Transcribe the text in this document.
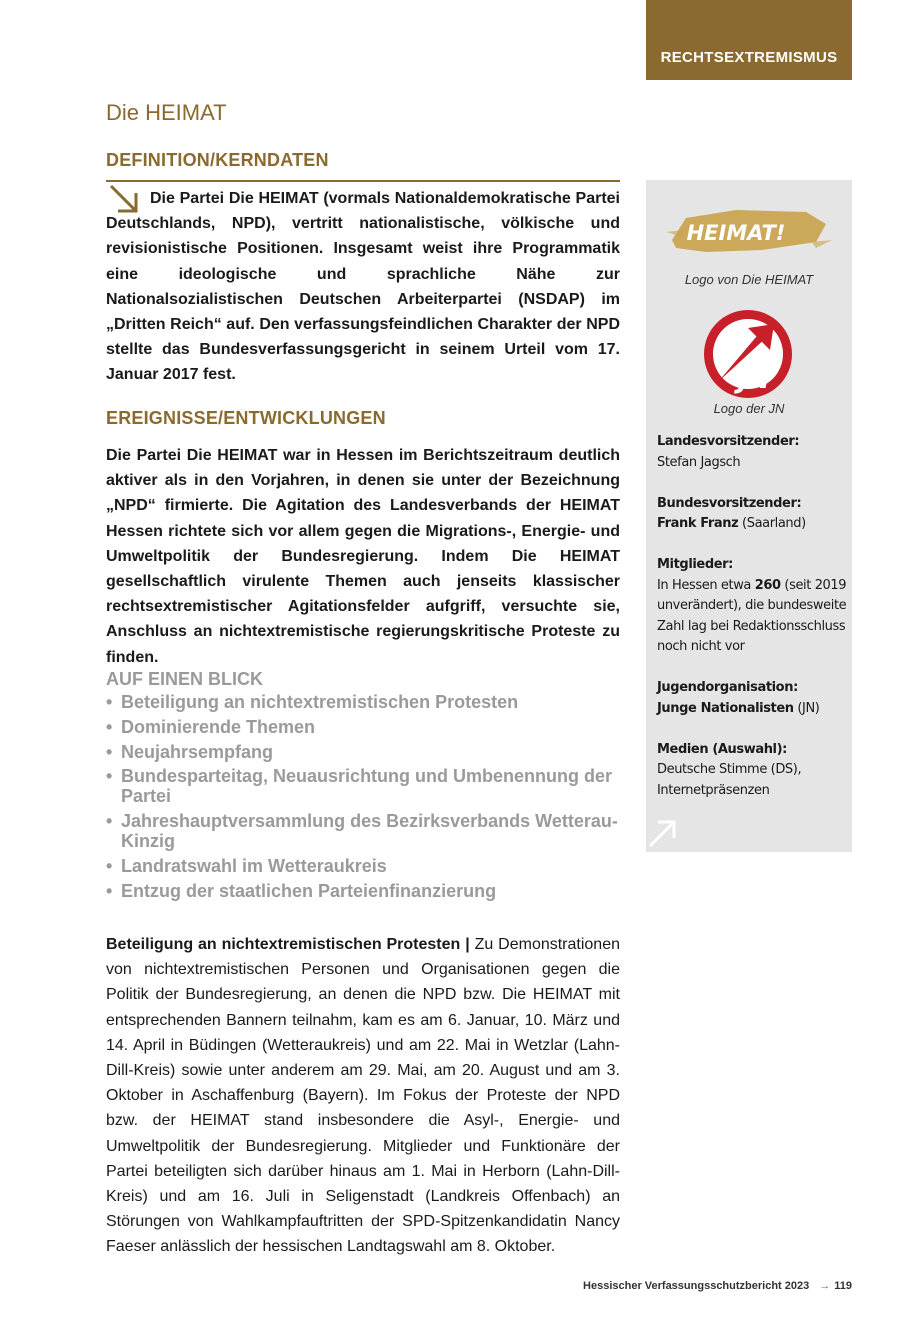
RECHTSEXTREMISMUS
Die HEIMAT
DEFINITION/KERNDATEN

Die Partei Die HEIMAT (vormals Nationaldemokratische Partei Deutschlands, NPD), vertritt nationalistische, völkische und revisionistische Positionen. Insgesamt weist ihre Programmatik eine ideologische und sprachliche Nähe zur Nationalsozialistischen Deutschen Arbeiterpartei (NSDAP) im „Dritten Reich“ auf. Den verfassungsfeindlichen Charakter der NPD stellte das Bundesverfassungsgericht in seinem Urteil vom 17. Januar 2017 fest.

EREIGNISSE/ENTWICKLUNGEN

Die Partei Die HEIMAT war in Hessen im Berichtszeitraum deutlich aktiver als in den Vorjahren, in denen sie unter der Bezeichnung „NPD“ firmierte. Die Agitation des Landesverbands der HEIMAT Hessen richtete sich vor allem gegen die Migrations-, Energie- und Umweltpolitik der Bundesregierung. Indem Die HEIMAT gesellschaftlich virulente Themen auch jenseits klassischer rechtsextremistischer Agitationsfelder aufgriff, versuchte sie, Anschluss an nichtextremistische regierungskritische Proteste zu finden.

AUF EINEN BLICK

• Beteiligung an nichtextremistischen Protesten
• Dominierende Themen
• Neujahrsempfang
• Bundesparteitag, Neuausrichtung und Umbenennung der Partei
• Jahreshauptversammlung des Bezirksverbands Wetterau-Kinzig
• Landratswahl im Wetteraukreis
• Entzug der staatlichen Parteienfinanzierung

Beteiligung an nichtextremistischen Protesten | Zu Demonstrationen von nichtextremistischen Personen und Organisationen gegen die Politik der Bundesregierung, an denen die NPD bzw. Die HEIMAT mit entsprechenden Bannern teilnahm, kam es am 6. Januar, 10. März und 14. April in Büdingen (Wetteraukreis) und am 22. Mai in Wetzlar (Lahn-Dill-Kreis) sowie unter anderem am 29. Mai, am 20. August und am 3. Oktober in Aschaffenburg (Bayern). Im Fokus der Proteste der NPD bzw. der HEIMAT stand insbesondere die Asyl-, Energie- und Umweltpolitik der Bundesregierung. Mitglieder und Funktionäre der Partei beteiligten sich darüber hinaus am 1. Mai in Herborn (Lahn-Dill-Kreis) und am 16. Juli in Seligenstadt (Landkreis Offenbach) an Störungen von Wahlkampfauftritten der SPD-Spitzenkandidatin Nancy Faeser anlässlich der hessischen Landtagswahl am 8. Oktober.

HEIMAT!
Logo von Die HEIMAT
JN
Logo der JN
Landesvorsitzender:
Stefan Jagsch
Bundesvorsitzender:
Frank Franz (Saarland)
Mitglieder:
In Hessen etwa 260 (seit 2019 unverändert), die bundesweite Zahl lag bei Redaktionsschluss noch nicht vor
Jugendorganisation:
Junge Nationalisten (JN)
Medien (Auswahl):
Deutsche Stimme (DS), Internetpräsenzen
Hessischer Verfassungsschutzbericht 2023 → 119
